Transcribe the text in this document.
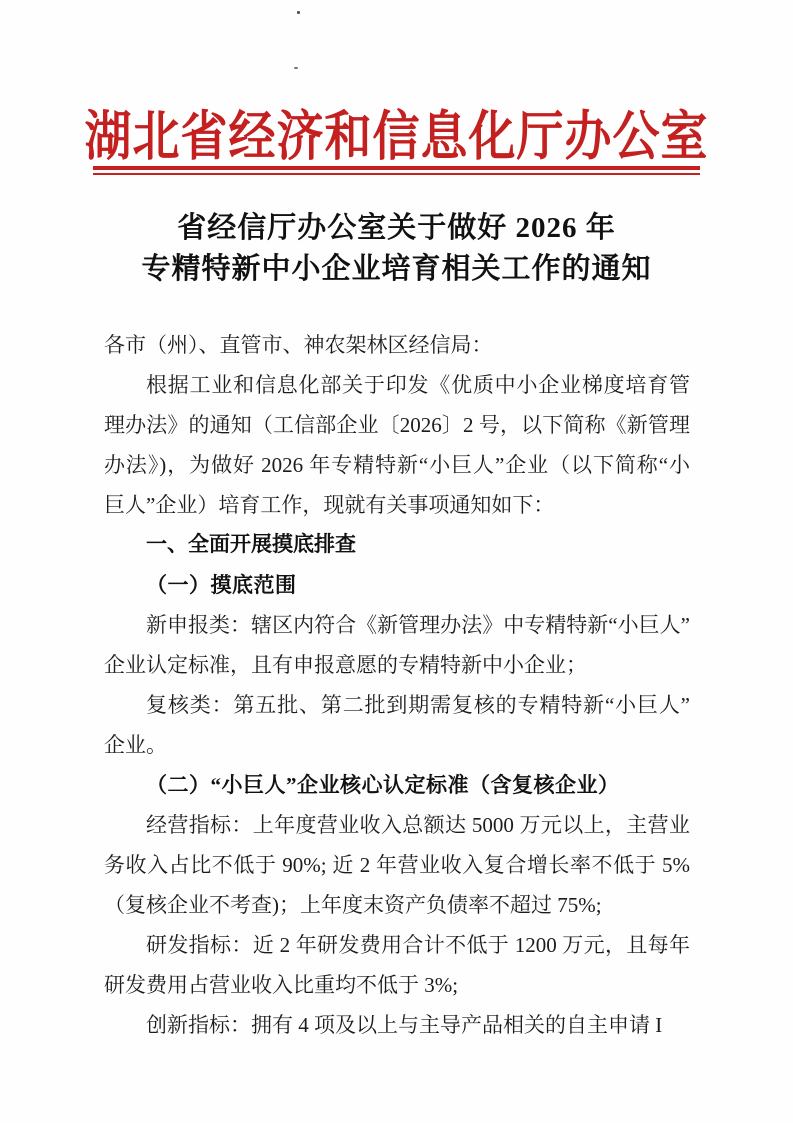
湖北省经济和信息化厅办公室
省经信厅办公室关于做好 2026 年
专精特新中小企业培育相关工作的通知
各市（州）、直管市、神农架林区经信局：
根据工业和信息化部关于印发《优质中小企业梯度培育管
理办法》的通知（工信部企业〔2026〕2 号，以下简称《新管理
办法》)，为做好 2026 年专精特新“小巨人”企业（以下简称“小
巨人”企业）培育工作，现就有关事项通知如下：
一、全面开展摸底排查
（一）摸底范围
新申报类：辖区内符合《新管理办法》中专精特新“小巨人”
企业认定标准，且有申报意愿的专精特新中小企业；
复核类：第五批、第二批到期需复核的专精特新“小巨人”
企业。
（二）“小巨人”企业核心认定标准（含复核企业）
经营指标：上年度营业收入总额达 5000 万元以上，主营业
务收入占比不低于 90%; 近 2 年营业收入复合增长率不低于 5%
（复核企业不考查)；上年度末资产负债率不超过 75%;
研发指标：近 2 年研发费用合计不低于 1200 万元，且每年
研发费用占营业收入比重均不低于 3%;
创新指标：拥有 4 项及以上与主导产品相关的自主申请 I
